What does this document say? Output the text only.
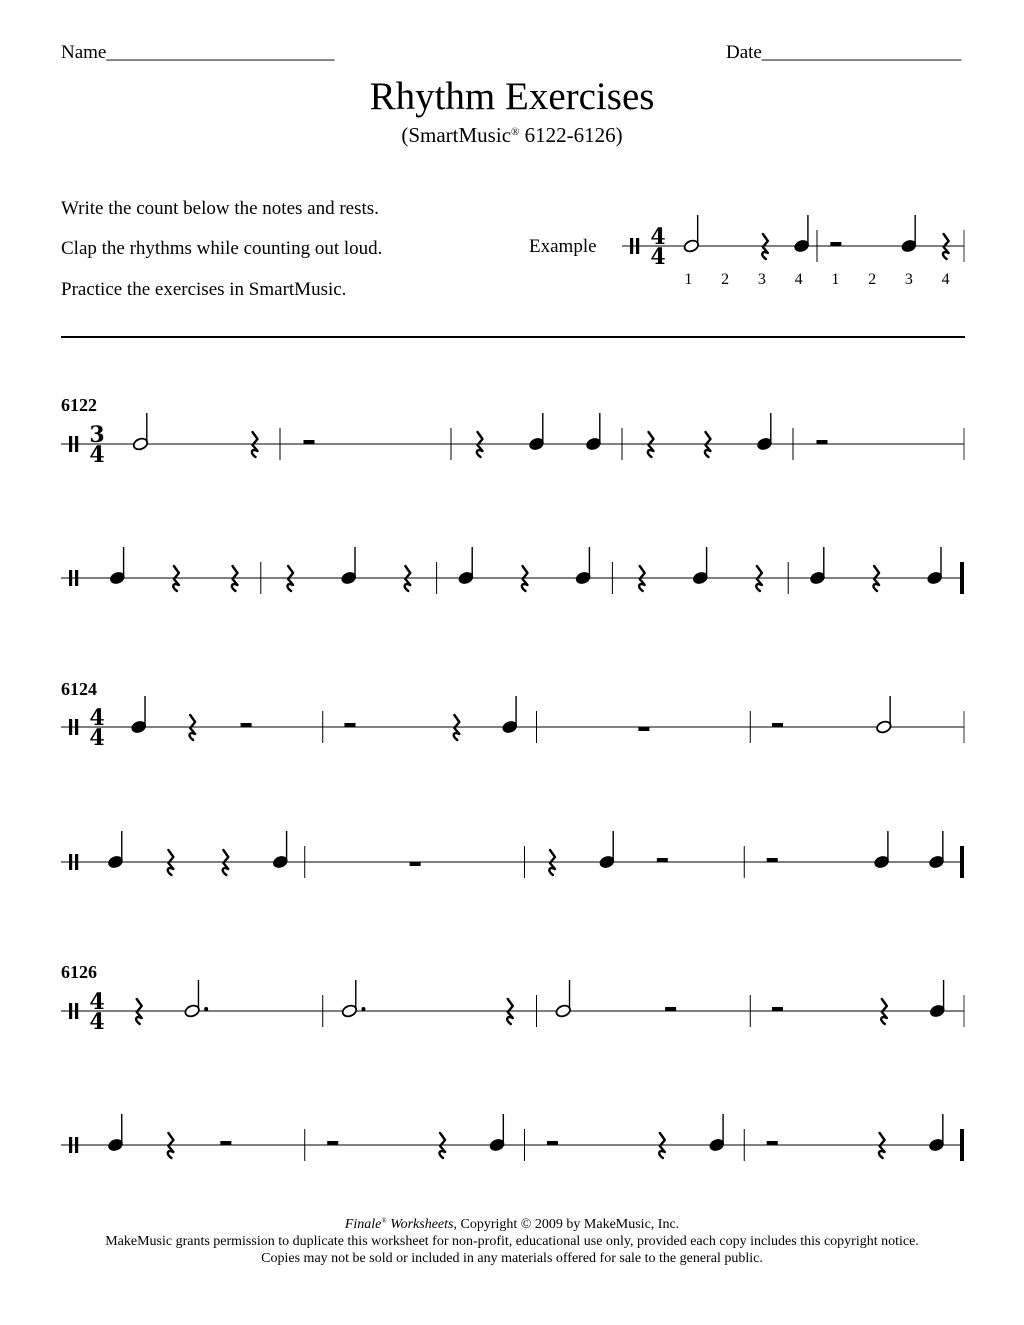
Name________________________	Date_____________________
Rhythm Exercises
(SmartMusic® 6122-6126)
Write the count below the notes and rests.
Clap the rhythms while counting out loud.
Practice the exercises in SmartMusic.
Example
6122
6124
6126
4
4
1 2 3 4 1 2 3 4
3
4
4
4
4
4
Finale® Worksheets, Copyright © 2009 by MakeMusic, Inc.
MakeMusic grants permission to duplicate this worksheet for non-profit, educational use only, provided each copy includes this copyright notice.
Copies may not be sold or included in any materials offered for sale to the general public.
